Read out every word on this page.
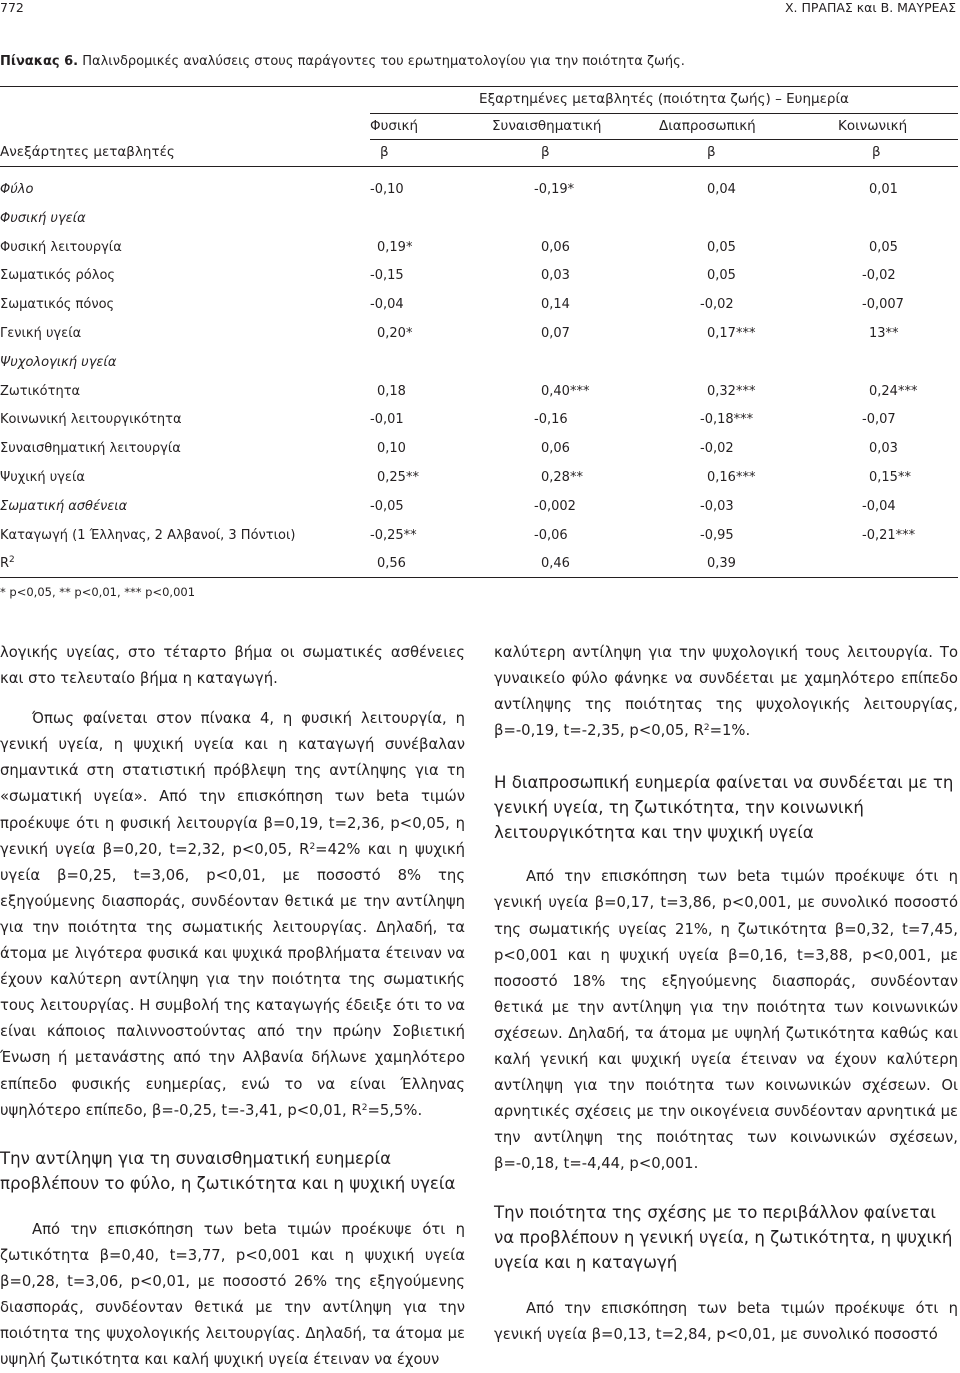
772	Χ. ΠΡΑΠΑΣ και Β. ΜΑΥΡΕΑΣ
Πίνακας 6. Παλινδρομικές αναλύσεις στους παράγοντες του ερωτηματολογίου για την ποιότητα ζωής.
Εξαρτημένες μεταβλητές (ποιότητα ζωής) – Ευημερία
Φυσική	Συναισθηματική	Διαπροσωπική	Κοινωνική
Ανεξάρτητες μεταβλητές	β	β	β	β
Φύλο	-0,10	-0,19*	0,04	0,01
Φυσική υγεία
Φυσική λειτουργία	0,19*	0,06	0,05	0,05
Σωματικός ρόλος	-0,15	0,03	0,05	-0,02
Σωματικός πόνος	-0,04	0,14	-0,02	-0,007
Γενική υγεία	0,20*	0,07	0,17***	13**
Ψυχολογική υγεία
Ζωτικότητα	0,18	0,40***	0,32***	0,24***
Κοινωνική λειτουργικότητα	-0,01	-0,16	-0,18***	-0,07
Συναισθηματική λειτουργία	0,10	0,06	-0,02	0,03
Ψυχική υγεία	0,25**	0,28**	0,16***	0,15**
Σωματική ασθένεια	-0,05	-0,002	-0,03	-0,04
Καταγωγή (1 Έλληνας, 2 Αλβανοί, 3 Πόντιοι)	-0,25**	-0,06	-0,95	-0,21***
$R^2$	0,56	0,46	0,39
* p<0,05, ** p<0,01, *** p<0,001

λογικής υγείας, στο τέταρτο βήμα οι σωματικές ασθένειες και στο τελευταίο βήμα η καταγωγή.

Όπως φαίνεται στον πίνακα 4, η φυσική λειτουργία, η γενική υγεία, η ψυχική υγεία και η καταγωγή συνέβαλαν σημαντικά στη στατιστική πρόβλεψη της αντίληψης για τη «σωματική υγεία». Από την επισκόπηση των beta τιμών προέκυψε ότι η φυσική λειτουργία β=0,19, t=2,36, p<0,05, η γενική υγεία β=0,20, t=2,32, p<0,05, $R^2=42\%$ και η ψυχική υγεία β=0,25, t=3,06, p<0,01, με ποσοστό 8% της εξηγούμενης διασποράς, συνδέονταν θετικά με την αντίληψη για την ποιότητα της σωματικής λειτουργίας. Δηλαδή, τα άτομα με λιγότερα φυσικά και ψυχικά προβλήματα έτειναν να έχουν καλύτερη αντίληψη για την ποιότητα της σωματικής τους λειτουργίας. Η συμβολή της καταγωγής έδειξε ότι το να είναι κάποιος παλιννοστούντας από την πρώην Σοβιετική Ένωση ή μετανάστης από την Αλβανία δήλωνε χαμηλότερο επίπεδο φυσικής ευημερίας, ενώ το να είναι Έλληνας υψηλότερο επίπεδο, β=-0,25, t=-3,41, p<0,01, $R^2=5,5\%$.

Την αντίληψη για τη συναισθηματική ευημερία προβλέπουν το φύλο, η ζωτικότητα και η ψυχική υγεία

Από την επισκόπηση των beta τιμών προέκυψε ότι η ζωτικότητα β=0,40, t=3,77, p<0,001 και η ψυχική υγεία β=0,28, t=3,06, p<0,01, με ποσοστό 26% της εξηγούμενης διασποράς, συνδέονταν θετικά με την αντίληψη για την ποιότητα της ψυχολογικής λειτουργίας. Δηλαδή, τα άτομα με υψηλή ζωτικότητα και καλή ψυχική υγεία έτειναν να έχουν

καλύτερη αντίληψη για την ψυχολογική τους λειτουργία. Το γυναικείο φύλο φάνηκε να συνδέεται με χαμηλότερο επίπεδο αντίληψης της ποιότητας της ψυχολογικής λειτουργίας, β=-0,19, t=-2,35, p<0,05, $R^2=1\%$.

Η διαπροσωπική ευημερία φαίνεται να συνδέεται με τη γενική υγεία, τη ζωτικότητα, την κοινωνική λειτουργικότητα και την ψυχική υγεία

Από την επισκόπηση των beta τιμών προέκυψε ότι η γενική υγεία β=0,17, t=3,86, p<0,001, με συνολικό ποσοστό της σωματικής υγείας 21%, η ζωτικότητα β=0,32, t=7,45, p<0,001 και η ψυχική υγεία β=0,16, t=3,88, p<0,001, με ποσοστό 18% της εξηγούμενης διασποράς, συνδέονταν θετικά με την αντίληψη για την ποιότητα των κοινωνικών σχέσεων. Δηλαδή, τα άτομα με υψηλή ζωτικότητα καθώς και καλή γενική και ψυχική υγεία έτειναν να έχουν καλύτερη αντίληψη για την ποιότητα των κοινωνικών σχέσεων. Οι αρνητικές σχέσεις με την οικογένεια συνδέονταν αρνητικά με την αντίληψη της ποιότητας των κοινωνικών σχέσεων, β=-0,18, t=-4,44, p<0,001.

Την ποιότητα της σχέσης με το περιβάλλον φαίνεται να προβλέπουν η γενική υγεία, η ζωτικότητα, η ψυχική υγεία και η καταγωγή

Από την επισκόπηση των beta τιμών προέκυψε ότι η γενική υγεία β=0,13, t=2,84, p<0,01, με συνολικό ποσοστό
